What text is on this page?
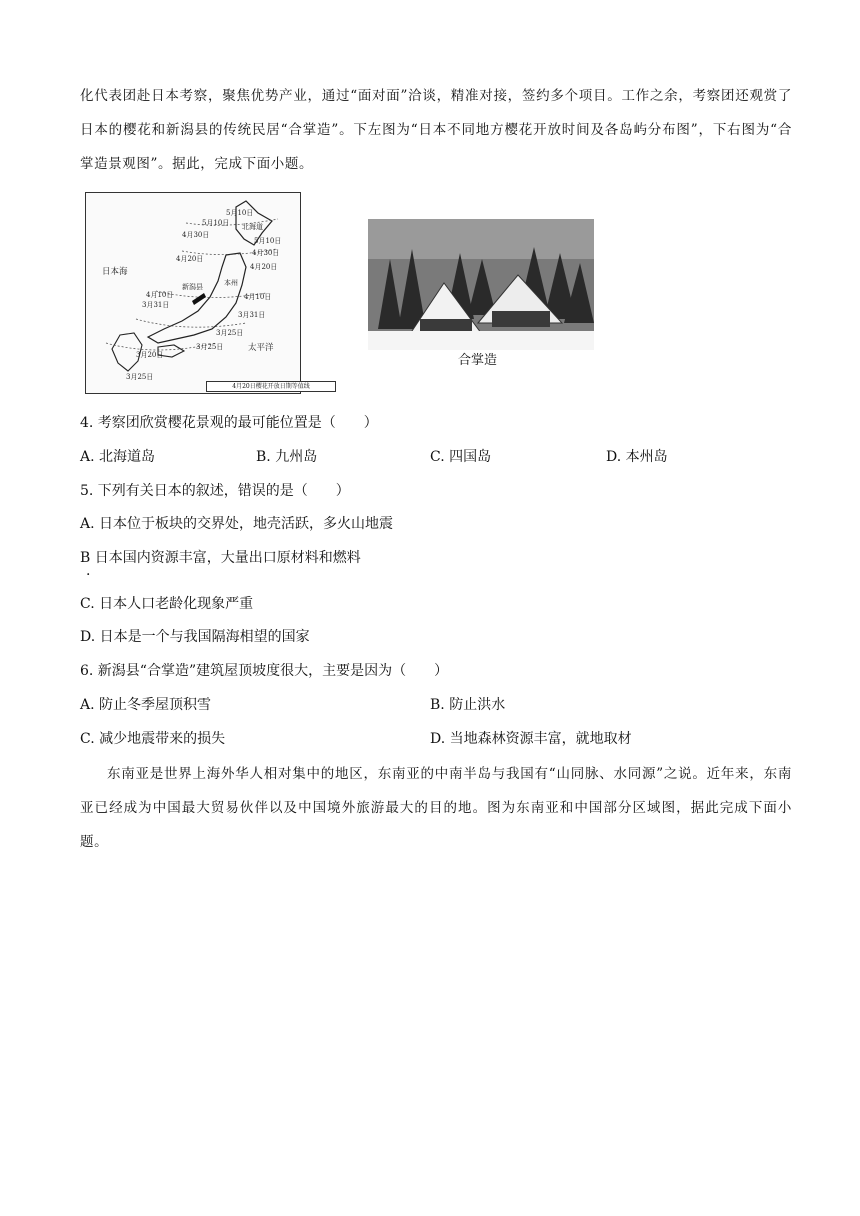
化代表团赴日本考察，聚焦优势产业，通过“面对面”洽谈，精准对接，签约多个项目。工作之余，考察团还观赏了日本的樱花和新潟县的传统民居“合掌造”。下左图为“日本不同地方樱花开放时间及各岛屿分布图”，下右图为“合掌造景观图”。据此，完成下面小题。
5月10日
5月10日
4月30日
5月10日
4月30日
4月20日
4月20日
4月10日	4月10日
3月31日
3月31日
3月25日
3月25日
3月20日
3月25日
北海道
本州
新潟县
日本海
太平洋
4月20日樱花开放日期等值线
合掌造
4. 考察团欣赏樱花景观的最可能位置是（　　）
A. 北海道岛	B. 九州岛	C. 四国岛	D. 本州岛
5. 下列有关日本的叙述，错误的是（　　）
A. 日本位于板块的交界处，地壳活跃，多火山地震
B 日本国内资源丰富，大量出口原材料和燃料
·
C. 日本人口老龄化现象严重
D. 日本是一个与我国隔海相望的国家
6. 新潟县“合掌造”建筑屋顶坡度很大，主要是因为（　　）
A. 防止冬季屋顶积雪	B. 防止洪水
C. 减少地震带来的损失	D. 当地森林资源丰富，就地取材
东南亚是世界上海外华人相对集中的地区，东南亚的中南半岛与我国有“山同脉、水同源”之说。近年来，东南亚已经成为中国最大贸易伙伴以及中国境外旅游最大的目的地。图为东南亚和中国部分区域图，据此完成下面小题。
